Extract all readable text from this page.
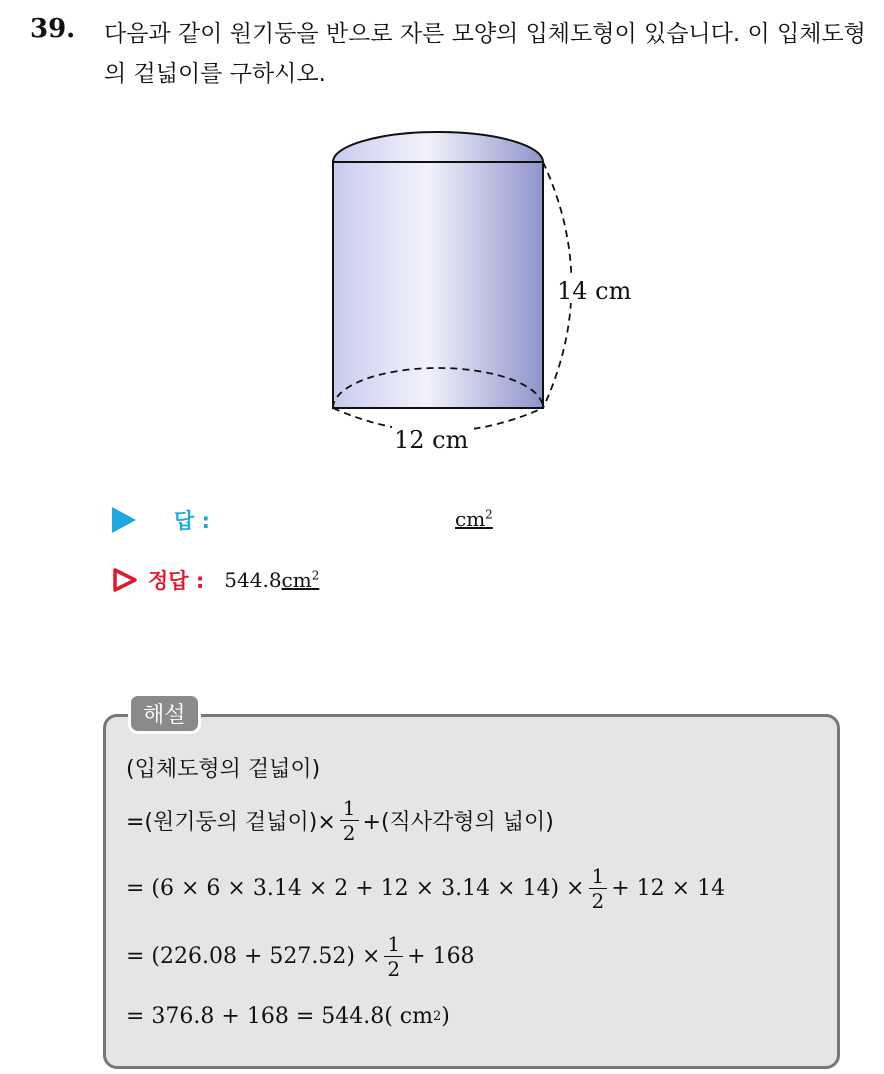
39. 다음과 같이 원기둥을 반으로 자른 모양의 입체도형이 있습니다. 이 입체도형의 겉넓이를 구하시오.

14 cm
12 cm
답 :	$cm^2$
정답 : 544.8 $cm^2$
해설
(입체도형의 겉넓이)
=(원기둥의 겉넓이)× $\frac{1}{2}$ +(직사각형의 넓이)
= $(6 \times 6 \times 3.14 \times 2 + 12 \times 3.14 \times 14) \times \frac{1}{2} + 12 \times 14$
= $(226.08 + 527.52) \times \frac{1}{2} + 168$
= 376.8 + 168 = 544.8( cm 2 )
